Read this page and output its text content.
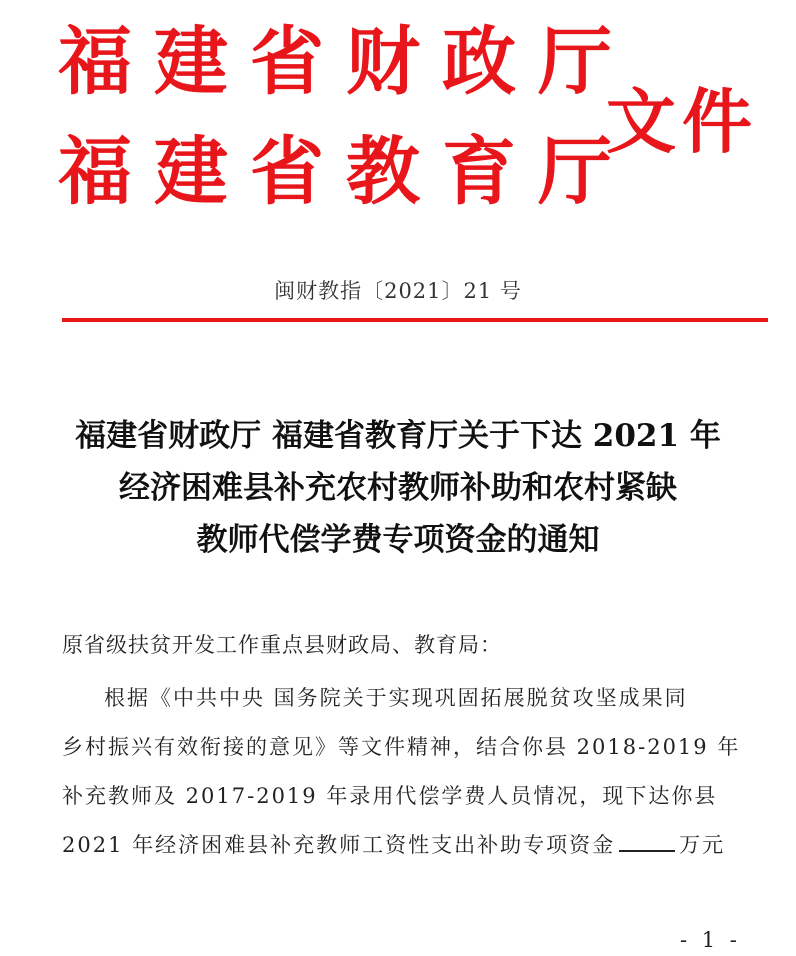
福建省财政厅
福建省教育厅
文件
闽财教指〔2021〕21 号
福建省财政厅 福建省教育厅关于下达 2021 年
经济困难县补充农村教师补助和农村紧缺
教师代偿学费专项资金的通知
原省级扶贫开发工作重点县财政局、教育局：
根据《中共中央 国务院关于实现巩固拓展脱贫攻坚成果同
乡村振兴有效衔接的意见》等文件精神，结合你县 2018-2019 年
补充教师及 2017-2019 年录用代偿学费人员情况，现下达你县
2021 年经济困难县补充教师工资性支出补助专项资金	万元
- 1 -
